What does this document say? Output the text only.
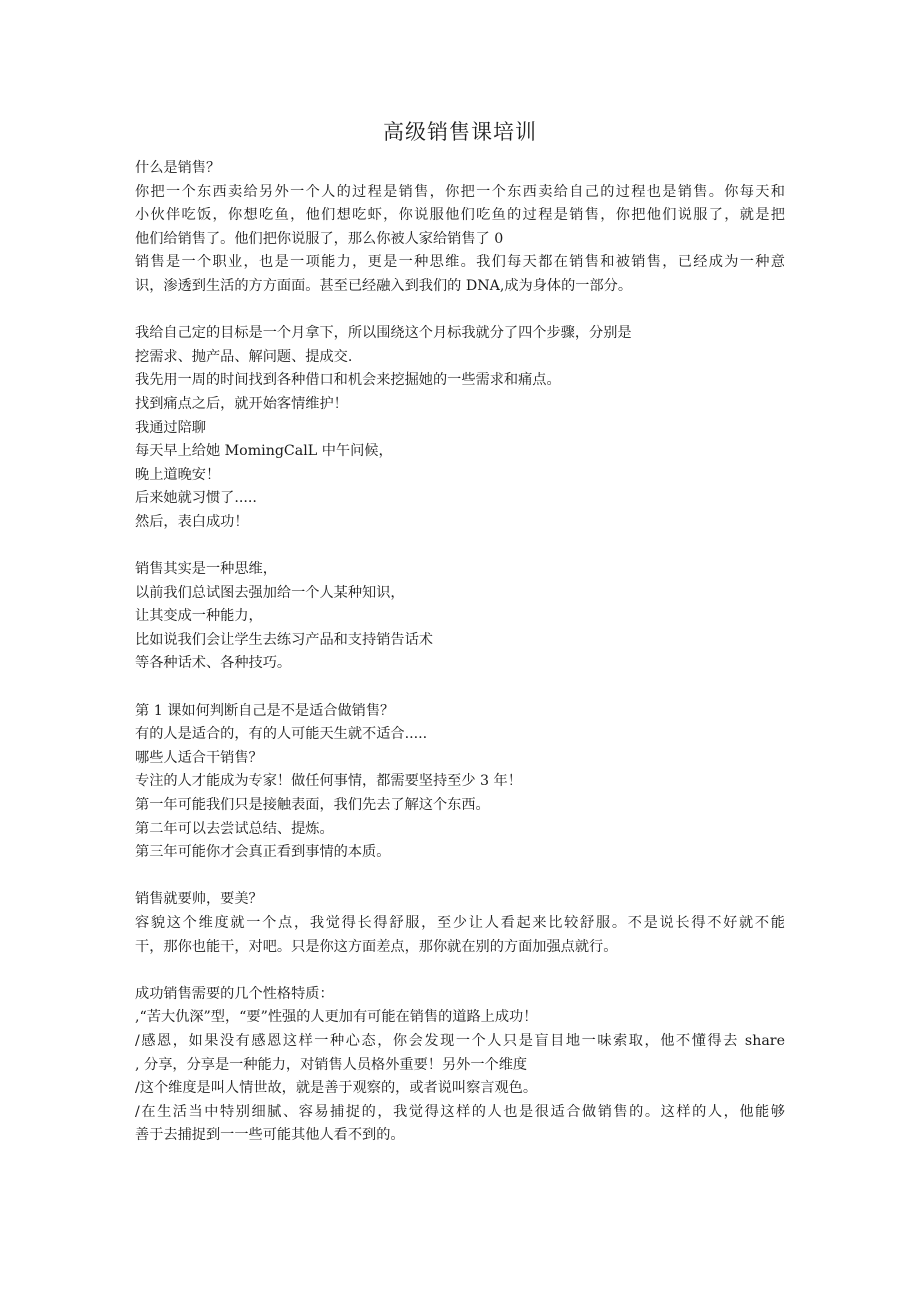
高级销售课培训
什么是销售？
你把一个东西卖给另外一个人的过程是销售，你把一个东西卖给自己的过程也是销售。你每天和
小伙伴吃饭，你想吃鱼，他们想吃虾，你说服他们吃鱼的过程是销售，你把他们说服了，就是把
他们给销售了。他们把你说服了，那么你被人家给销售了 0
销售是一个职业，也是一项能力，更是一种思维。我们每天都在销售和被销售，已经成为一种意
识，渗透到生活的方方面面。甚至已经融入到我们的 DNA,成为身体的一部分。
我给自己定的目标是一个月拿下，所以围绕这个月标我就分了四个步骤，分别是
挖需求、抛产品、解问题、提成交.
我先用一周的时间找到各种借口和机会来挖掘她的一些需求和痛点。
找到痛点之后，就开始客情维护！
我通过陪聊
每天早上给她 MomingCalL 中午问候，
晚上道晚安！
后来她就习惯了.....
然后，表白成功！
销售其实是一种思维，
以前我们总试图去强加给一个人某种知识，
让其变成一种能力，
比如说我们会让学生去练习产品和支持销告话术
等各种话术、各种技巧。
第 1 课如何判断自己是不是适合做销售？
有的人是适合的，有的人可能天生就不适合.....
哪些人适合干销售？
专注的人才能成为专家！做任何事情，都需要坚持至少 3 年！
第一年可能我们只是接触表面，我们先去了解这个东西。
第二年可以去尝试总结、提炼。
第三年可能你才会真正看到事情的本质。
销售就要帅，要美？
容貌这个维度就一个点，我觉得长得舒服，至少让人看起来比较舒服。不是说长得不好就不能
干，那你也能干，对吧。只是你这方面差点，那你就在别的方面加强点就行。
成功销售需要的几个性格特质：
,“苦大仇深”型，“要”性强的人更加有可能在销售的道路上成功！
/感恩，如果没有感恩这样一种心态，你会发现一个人只是盲目地一味索取，他不懂得去 share
, 分享，分享是一种能力，对销售人员格外重要！另外一个维度
/这个维度是叫人情世故，就是善于观察的，或者说叫察言观色。
/在生活当中特别细腻、容易捕捉的，我觉得这样的人也是很适合做销售的。这样的人，他能够
善于去捕捉到一一些可能其他人看不到的。
